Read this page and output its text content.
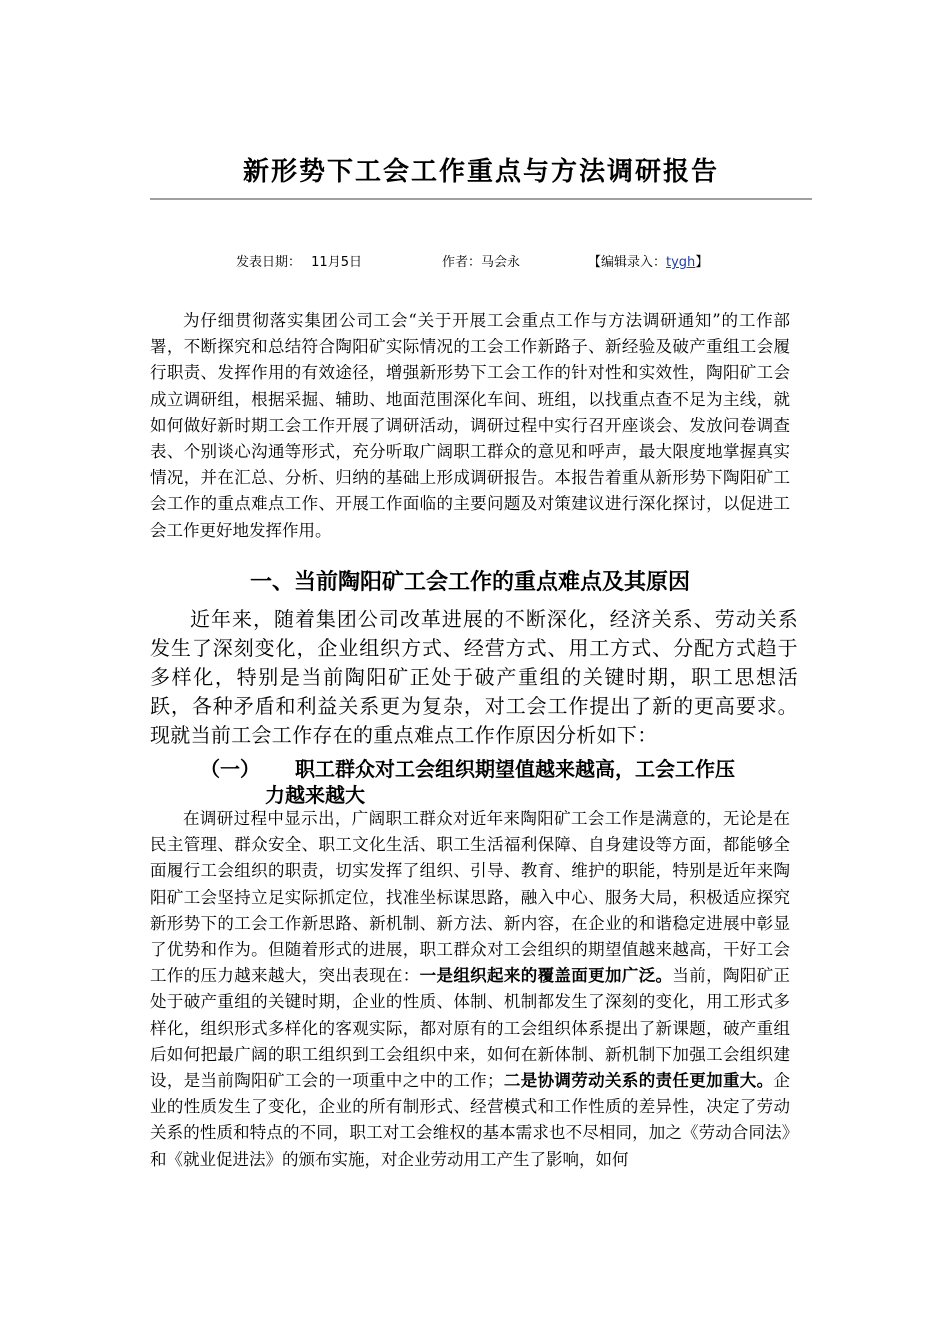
新形势下工会工作重点与方法调研报告
发表日期： 11月5日	作者：马会永	【编辑录入：tygh】

为仔细贯彻落实集团公司工会“关于开展工会重点工作与方法调研通知”的工作部署，不断探究和总结符合陶阳矿实际情况的工会工作新路子、新经验及破产重组工会履行职责、发挥作用的有效途径，增强新形势下工会工作的针对性和实效性，陶阳矿工会成立调研组，根据采掘、辅助、地面范围深化车间、班组，以找重点查不足为主线，就如何做好新时期工会工作开展了调研活动，调研过程中实行召开座谈会、发放问卷调查表、个别谈心沟通等形式，充分听取广阔职工群众的意见和呼声，最大限度地掌握真实情况，并在汇总、分析、归纳的基础上形成调研报告。本报告着重从新形势下陶阳矿工会工作的重点难点工作、开展工作面临的主要问题及对策建议进行深化探讨，以促进工会工作更好地发挥作用。

一、当前陶阳矿工会工作的重点难点及其原因

近年来，随着集团公司改革进展的不断深化，经济关系、劳动关系发生了深刻变化，企业组织方式、经营方式、用工方式、分配方式趋于多样化，特别是当前陶阳矿正处于破产重组的关键时期，职工思想活跃，各种矛盾和利益关系更为复杂，对工会工作提出了新的更高要求。现就当前工会工作存在的重点难点工作作原因分析如下：

（一）	职工群众对工会组织期望值越来越高，工会工作压
力越来越大

在调研过程中显示出，广阔职工群众对近年来陶阳矿工会工作是满意的，无论是在民主管理、群众安全、职工文化生活、职工生活福利保障、自身建设等方面，都能够全面履行工会组织的职责，切实发挥了组织、引导、教育、维护的职能，特别是近年来陶阳矿工会坚持立足实际抓定位，找准坐标谋思路，融入中心、服务大局，积极适应探究新形势下的工会工作新思路、新机制、新方法、新内容，在企业的和谐稳定进展中彰显了优势和作为。但随着形式的进展，职工群众对工会组织的期望值越来越高，干好工会工作的压力越来越大，突出表现在：一是组织起来的覆盖面更加广泛。当前，陶阳矿正处于破产重组的关键时期，企业的性质、体制、机制都发生了深刻的变化，用工形式多样化，组织形式多样化的客观实际，都对原有的工会组织体系提出了新课题，破产重组后如何把最广阔的职工组织到工会组织中来，如何在新体制、新机制下加强工会组织建设，是当前陶阳矿工会的一项重中之中的工作；二是协调劳动关系的责任更加重大。企业的性质发生了变化，企业的所有制形式、经营模式和工作性质的差异性，决定了劳动关系的性质和特点的不同，职工对工会维权的基本需求也不尽相同，加之《劳动合同法》和《就业促进法》的颁布实施，对企业劳动用工产生了影响，如何
